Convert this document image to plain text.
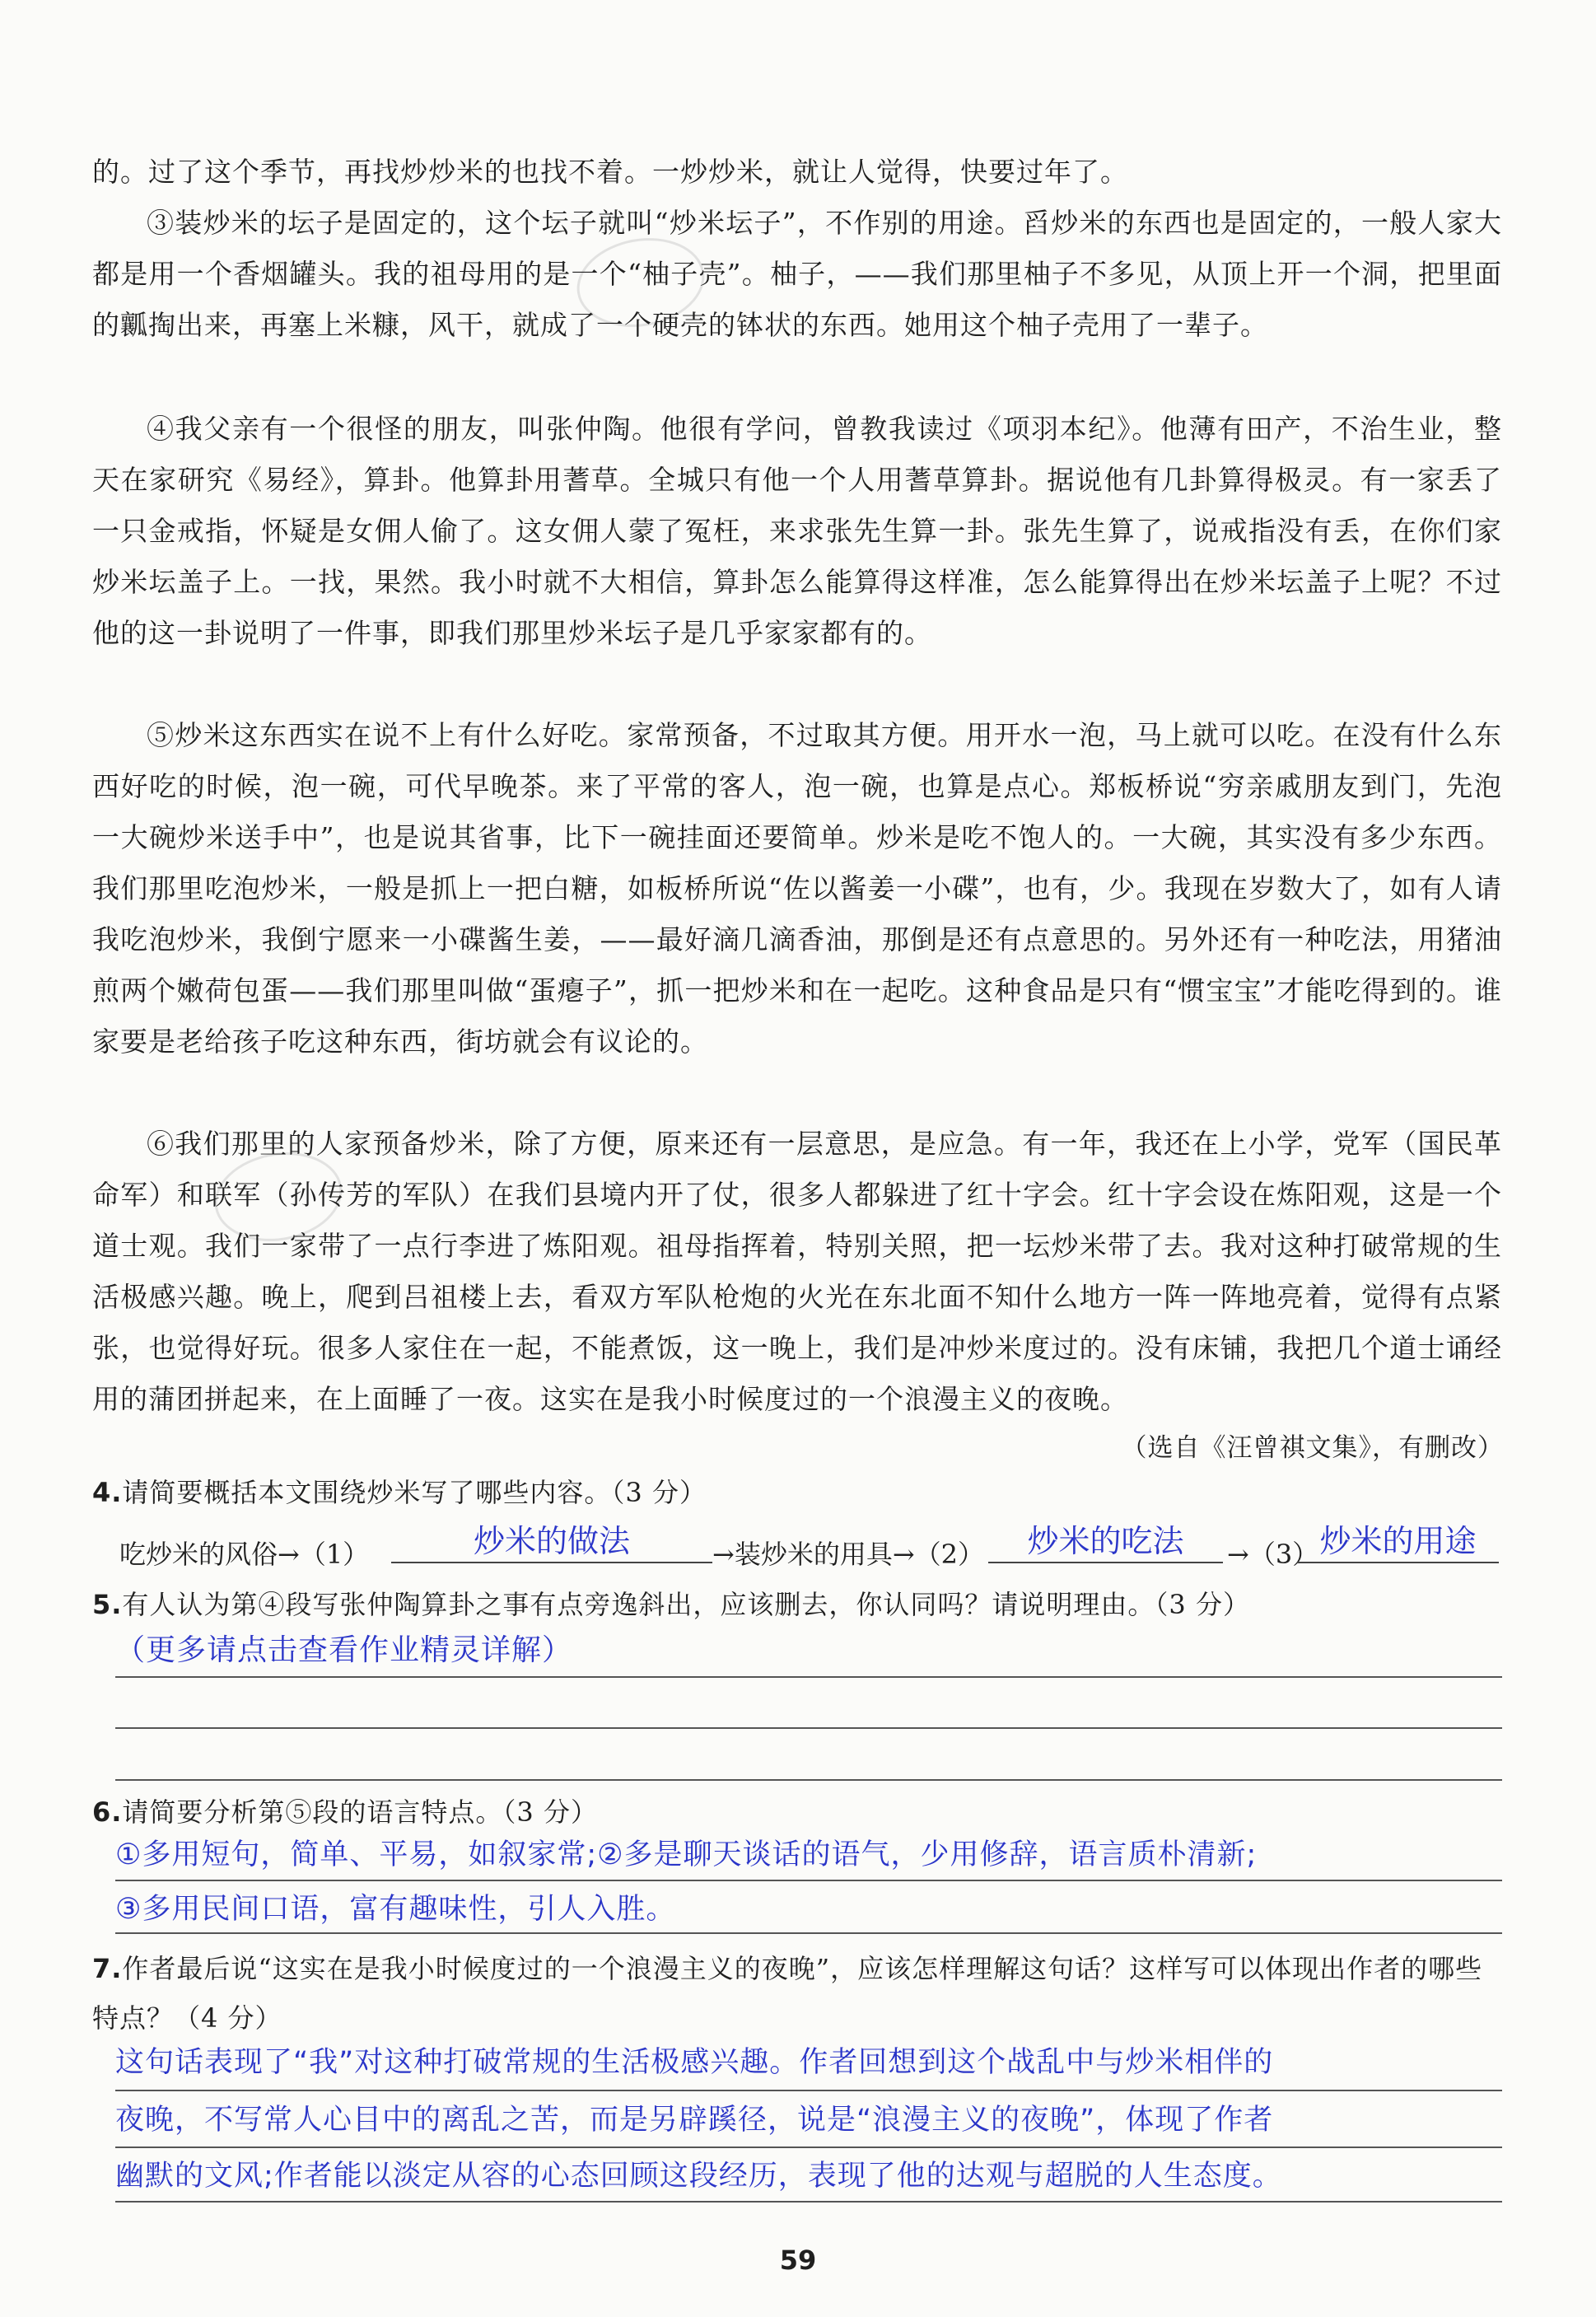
的。过了这个季节，再找炒炒米的也找不着。一炒炒米，就让人觉得，快要过年了。
③装炒米的坛子是固定的，这个坛子就叫“炒米坛子”，不作别的用途。舀炒米的东西也是固定的，一般人家大都是用一个香烟罐头。我的祖母用的是一个“柚子壳”。柚子，——我们那里柚子不多见，从顶上开一个洞，把里面的瓤掏出来，再塞上米糠，风干，就成了一个硬壳的钵状的东西。她用这个柚子壳用了一辈子。
④我父亲有一个很怪的朋友，叫张仲陶。他很有学问，曾教我读过《项羽本纪》。他薄有田产，不治生业，整天在家研究《易经》，算卦。他算卦用蓍草。全城只有他一个人用蓍草算卦。据说他有几卦算得极灵。有一家丢了一只金戒指，怀疑是女佣人偷了。这女佣人蒙了冤枉，来求张先生算一卦。张先生算了，说戒指没有丢，在你们家炒米坛盖子上。一找，果然。我小时就不大相信，算卦怎么能算得这样准，怎么能算得出在炒米坛盖子上呢？不过他的这一卦说明了一件事，即我们那里炒米坛子是几乎家家都有的。
⑤炒米这东西实在说不上有什么好吃。家常预备，不过取其方便。用开水一泡，马上就可以吃。在没有什么东西好吃的时候，泡一碗，可代早晚茶。来了平常的客人，泡一碗，也算是点心。郑板桥说“穷亲戚朋友到门，先泡一大碗炒米送手中”，也是说其省事，比下一碗挂面还要简单。炒米是吃不饱人的。一大碗，其实没有多少东西。我们那里吃泡炒米，一般是抓上一把白糖，如板桥所说“佐以酱姜一小碟”，也有，少。我现在岁数大了，如有人请我吃泡炒米，我倒宁愿来一小碟酱生姜，——最好滴几滴香油，那倒是还有点意思的。另外还有一种吃法，用猪油煎两个嫩荷包蛋——我们那里叫做“蛋瘪子”，抓一把炒米和在一起吃。这种食品是只有“惯宝宝”才能吃得到的。谁家要是老给孩子吃这种东西，街坊就会有议论的。
⑥我们那里的人家预备炒米，除了方便，原来还有一层意思，是应急。有一年，我还在上小学，党军（国民革命军）和联军（孙传芳的军队）在我们县境内开了仗，很多人都躲进了红十字会。红十字会设在炼阳观，这是一个道士观。我们一家带了一点行李进了炼阳观。祖母指挥着，特别关照，把一坛炒米带了去。我对这种打破常规的生活极感兴趣。晚上，爬到吕祖楼上去，看双方军队枪炮的火光在东北面不知什么地方一阵一阵地亮着，觉得有点紧张，也觉得好玩。很多人家住在一起，不能煮饭，这一晚上，我们是冲炒米度过的。没有床铺，我把几个道士诵经用的蒲团拼起来，在上面睡了一夜。这实在是我小时候度过的一个浪漫主义的夜晚。
（选自《汪曾祺文集》，有删改）
4.请简要概括本文围绕炒米写了哪些内容。（3 分）
吃炒米的风俗→（1）	炒米的做法	→装炒米的用具→（2）	炒米的吃法	→（3） 炒米的用途
5.有人认为第④段写张仲陶算卦之事有点旁逸斜出，应该删去，你认同吗？请说明理由。（3 分）
（更多请点击查看作业精灵详解）
6.请简要分析第⑤段的语言特点。（3 分）
①多用短句，简单、平易，如叙家常;②多是聊天谈话的语气，少用修辞，语言质朴清新;
③多用民间口语，富有趣味性，引人入胜。
7.作者最后说“这实在是我小时候度过的一个浪漫主义的夜晚”，应该怎样理解这句话？这样写可以体现出作者的哪些特点？（4 分）
这句话表现了“我”对这种打破常规的生活极感兴趣。作者回想到这个战乱中与炒米相伴的
夜晚，不写常人心目中的离乱之苦，而是另辟蹊径，说是“浪漫主义的夜晚”，体现了作者
幽默的文风;作者能以淡定从容的心态回顾这段经历，表现了他的达观与超脱的人生态度。
59
